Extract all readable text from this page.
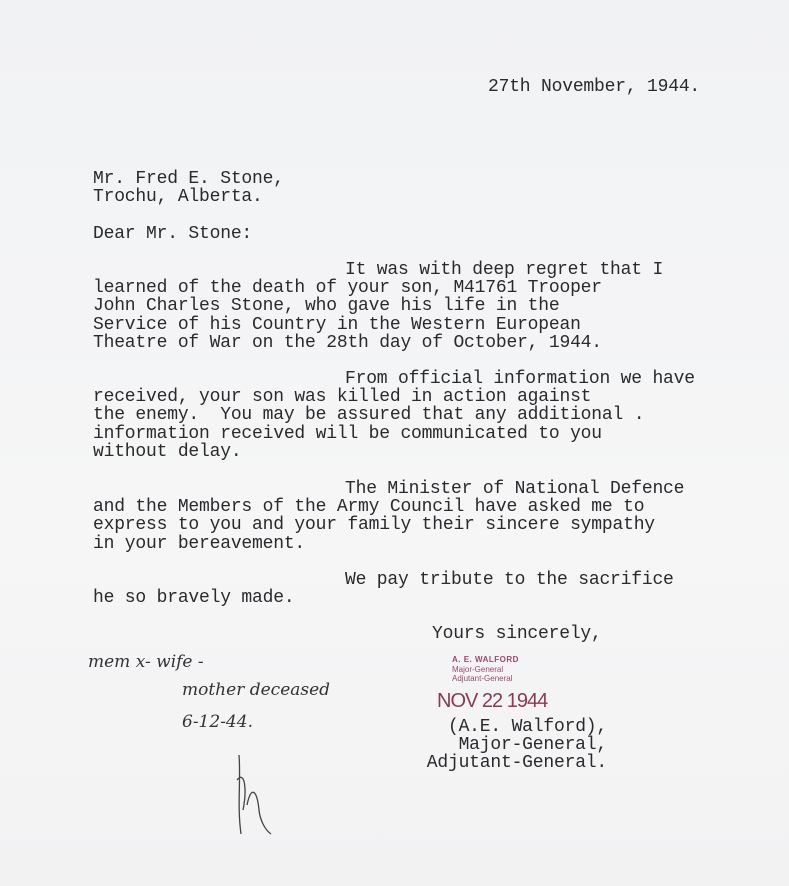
27th November, 1944.
Mr. Fred E. Stone,
Trochu, Alberta.
Dear Mr. Stone:
It was with deep regret that I
learned of the death of your son, M41761 Trooper
John Charles Stone, who gave his life in the
Service of his Country in the Western European
Theatre of War on the 28th day of October, 1944.
From official information we have
received, your son was killed in action against
the enemy.  You may be assured that any additional .
information received will be communicated to you
without delay.
The Minister of National Defence
and the Members of the Army Council have asked me to
express to you and your family their sincere sympathy
in your bereavement.
We pay tribute to the sacrifice
he so bravely made.
Yours sincerely,
A. E. WALFORD
Major-General
Adjutant-General
NOV 22 1944
(A.E. Walford),
Major-General,
Adjutant-General.
mem x- wife -
mother deceased
6-12-44.
